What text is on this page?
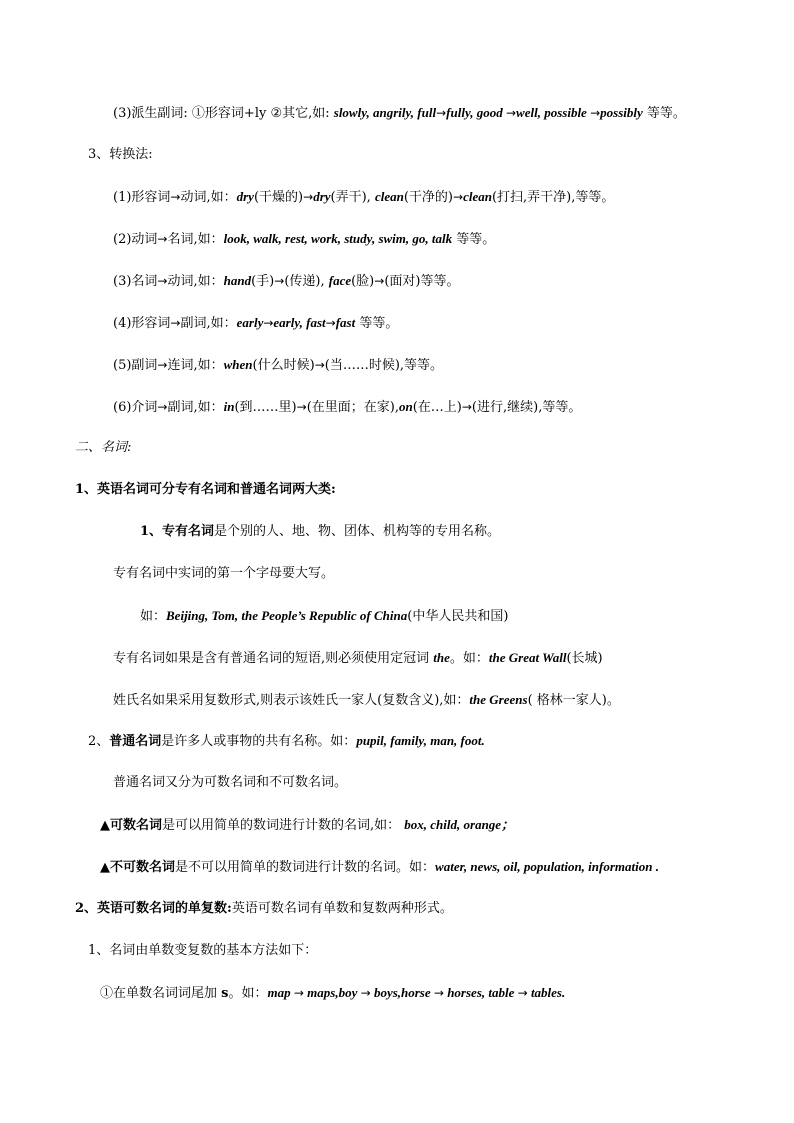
(3)派生副词: ①形容词+ly ②其它,如: slowly, angrily, full→fully, good →well, possible →possibly 等等。
3、转换法:
(1)形容词→动词,如：dry(干燥的)→dry(弄干), clean(干净的)→clean(打扫,弄干净),等等。
(2)动词→名词,如：look, walk, rest, work, study, swim, go, talk 等等。
(3)名词→动词,如：hand(手)→(传递), face(脸)→(面对)等等。
(4)形容词→副词,如：early→early, fast→fast 等等。
(5)副词→连词,如：when(什么时候)→(当……时候),等等。
(6)介词→副词,如：in(到……里)→(在里面；在家),on(在…上)→(进行,继续),等等。
二、名词:
1、英语名词可分专有名词和普通名词两大类:
1、专有名词是个别的人、地、物、团体、机构等的专用名称。
专有名词中实词的第一个字母要大写。
如：Beijing, Tom, the People’s Republic of China(中华人民共和国)
专有名词如果是含有普通名词的短语,则必须使用定冠词 the。如：the Great Wall(长城)
姓氏名如果采用复数形式,则表示该姓氏一家人(复数含义),如：the Greens( 格林一家人)。
2、普通名词是许多人或事物的共有名称。如：pupil, family, man, foot.
普通名词又分为可数名词和不可数名词。
▲可数名词是可以用简单的数词进行计数的名词,如： box, child, orange；
▲不可数名词是不可以用简单的数词进行计数的名词。如：water, news, oil, population, information .
2、英语可数名词的单复数:英语可数名词有单数和复数两种形式。
1、名词由单数变复数的基本方法如下：
①在单数名词词尾加 s。如：map → maps,boy → boys,horse → horses, table → tables.
